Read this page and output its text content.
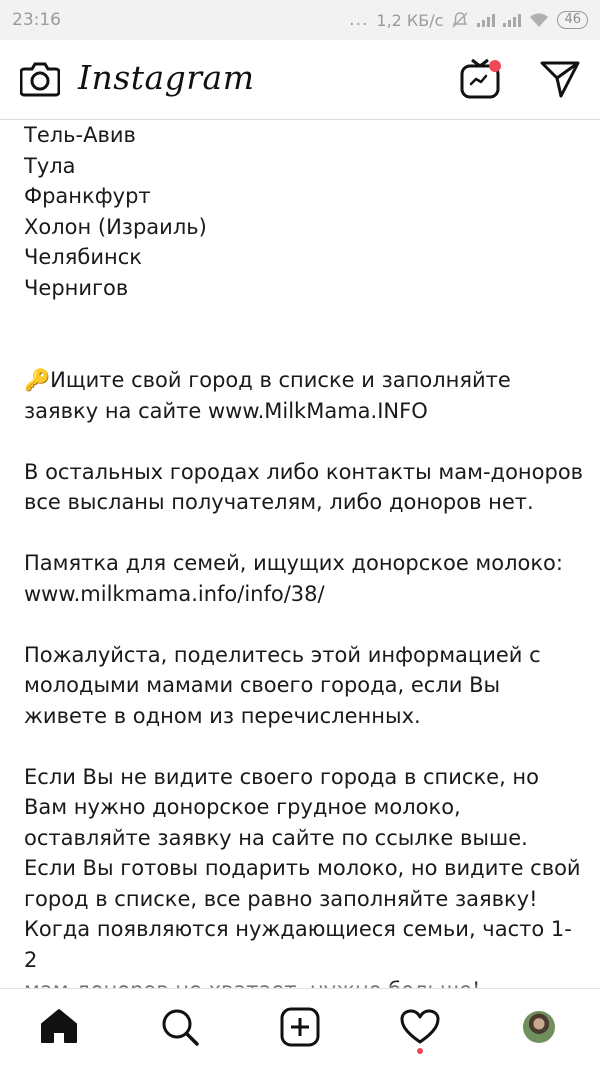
23:16	... 1,2 КБ/с	46
Instagram

Тель-Авив

Тула

Франкфурт

Холон (Израиль)

Челябинск

Чернигов

🔑Ищите свой город в списке и заполняйте заявку на сайте www.MilkMama.INFO

В остальных городах либо контакты мам-доноров все высланы получателям, либо доноров нет.

Памятка для семей, ищущих донорское молоко:

www.milkmama.info/info/38/

Пожалуйста, поделитесь этой информацией с молодыми мамами своего города, если Вы живете в одном из перечисленных.

Если Вы не видите своего города в списке, но Вам нужно донорское грудное молоко, оставляйте заявку на сайте по ссылке выше.

Если Вы готовы подарить молоко, но видите свой город в списке, все равно заполняйте заявку!

Когда появляются нуждающиеся семьи, часто 1-2
